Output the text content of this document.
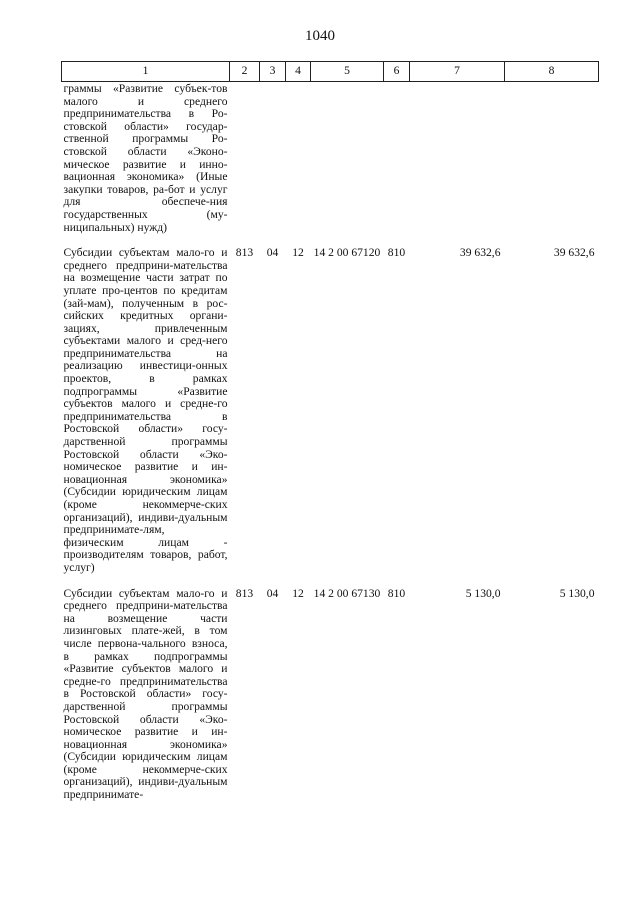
1040
1	2	3	4	5	6	7	8
граммы «Развитие субъек-тов малого и среднего предпринимательства в Ро-стовской области» государ-ственной программы Ро-стовской области «Эконо-мическое развитие и инно-вационная экономика» (Иные закупки товаров, ра-бот и услуг для обеспече-ния государственных (му-ниципальных) нужд)							
Субсидии субъектам мало-го и среднего предприни-мательства на возмещение части затрат по уплате про-центов по кредитам (зай-мам), полученным в рос-сийских кредитных органи-зациях, привлеченным субъектами малого и сред-него предпринимательства на реализацию инвестици-онных проектов, в рамках подпрограммы «Развитие субъектов малого и средне-го предпринимательства в Ростовской области» госу-дарственной программы Ростовской области «Эко-номическое развитие и ин-новационная экономика» (Субсидии юридическим лицам (кроме некоммерче-ских организаций), индиви-дуальным предпринимате-лям, физическим лицам - производителям товаров, работ, услуг)	813	04	12	14 2 00 67120	810	39 632,6	39 632,6
Субсидии субъектам мало-го и среднего предприни-мательства на возмещение части лизинговых плате-жей, в том числе первона-чального взноса, в рамках подпрограммы «Развитие субъектов малого и средне-го предпринимательства в Ростовской области» госу-дарственной программы Ростовской области «Эко-номическое развитие и ин-новационная экономика» (Субсидии юридическим лицам (кроме некоммерче-ских организаций), индиви-дуальным предпринимате-	813	04	12	14 2 00 67130	810	5 130,0	5 130,0
